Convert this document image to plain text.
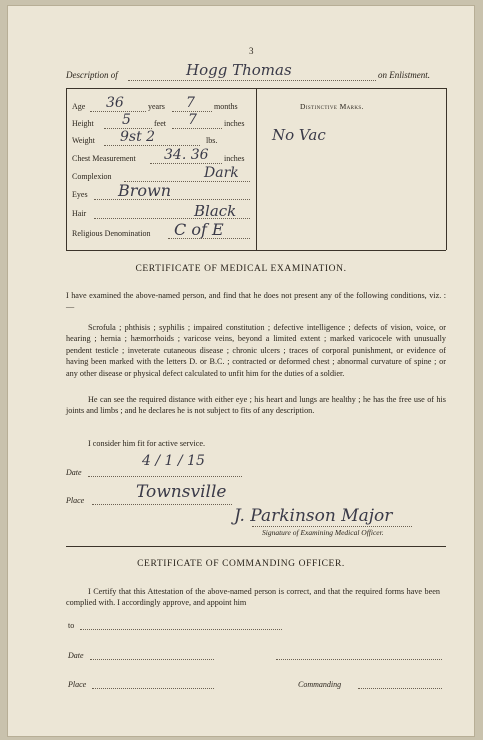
3
Description of	Hogg Thomas	on Enlistment.
Age 36	years 7 months
Height 5	feet 7	inches
Weight 9st 2	lbs.
Chest Measurement 34. 36 inches
Complexion	Dark
Eyes Brown
Hair	Black
Religious Denomination C of E
Distinctive Marks.
No Vac
CERTIFICATE OF MEDICAL EXAMINATION.
I have examined the above-named person, and find that he does not present any of the following conditions, viz. :—
Scrofula ; phthisis ; syphilis ; impaired constitution ; defective intelligence ; defects of vision, voice, or hearing ; hernia ; hæmorrhoids ; varicose veins, beyond a limited extent ; marked varicocele with unusually pendent testicle ; inveterate cutaneous disease ; chronic ulcers ; traces of corporal punishment, or evidence of having been marked with the letters D. or B.C. ; contracted or deformed chest ; abnormal curvature of spine ; or any other disease or physical defect calculated to unfit him for the duties of a soldier.
He can see the required distance with either eye ; his heart and lungs are healthy ; he has the free use of his joints and limbs ; and he declares he is not subject to fits of any description.
I consider him fit for active service.
Date
4 / 1 / 15
Place	Townsville
J. Parkinson Major
Signature of Examining Medical Officer.
CERTIFICATE OF COMMANDING OFFICER.
I Certify that this Attestation of the above-named person is correct, and that the required forms have been complied with. I accordingly approve, and appoint him
to
Date
Place	Commanding
